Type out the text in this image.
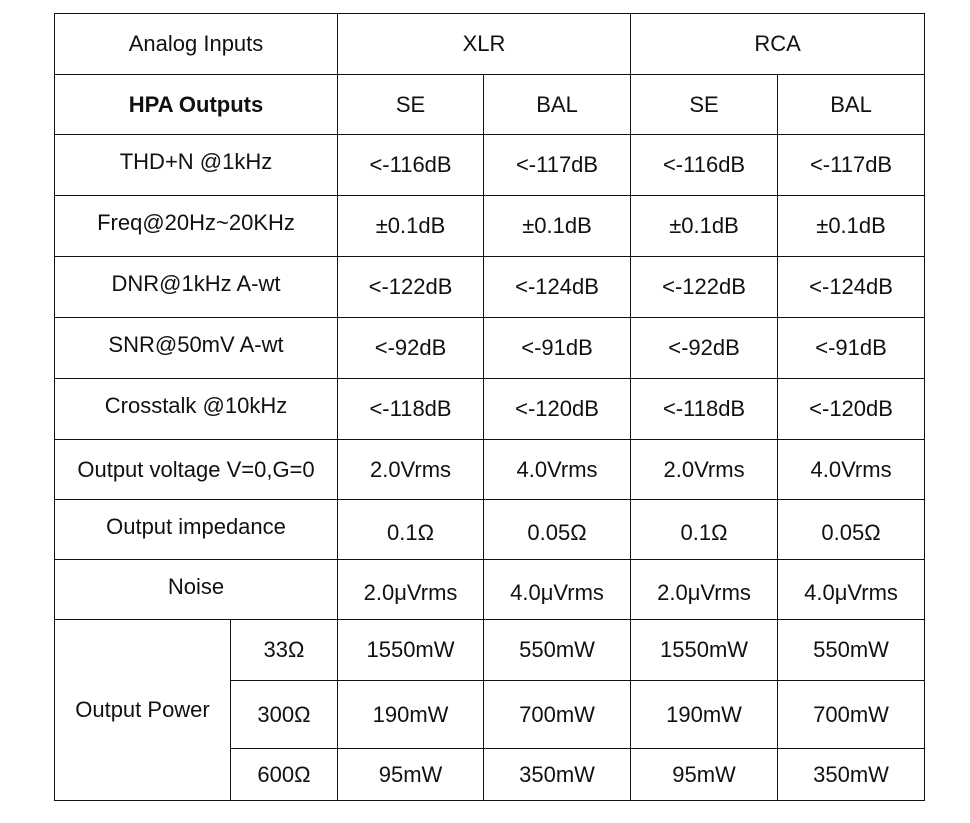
Analog Inputs		XLR		RCA	
HPA Outputs		SE	BAL	SE	BAL
THD+N @1kHz		<-116dB	<-117dB	<-116dB	<-117dB
Freq@20Hz~20KHz		±0.1dB	±0.1dB	±0.1dB	±0.1dB
DNR@1kHz A-wt		<-122dB	<-124dB	<-122dB	<-124dB
SNR@50mV A-wt		<-92dB	<-91dB	<-92dB	<-91dB
Crosstalk @10kHz		<-118dB	<-120dB	<-118dB	<-120dB
Output voltage V=0,G=0		2.0Vrms	4.0Vrms	2.0Vrms	4.0Vrms
Output impedance		0.1Ω	0.05Ω	0.1Ω	0.05Ω
Noise		2.0μVrms	4.0μVrms	2.0μVrms	4.0μVrms
Output Power	33Ω	1550mW	550mW	1550mW	550mW
	300Ω	190mW	700mW	190mW	700mW
	600Ω	95mW	350mW	95mW	350mW
